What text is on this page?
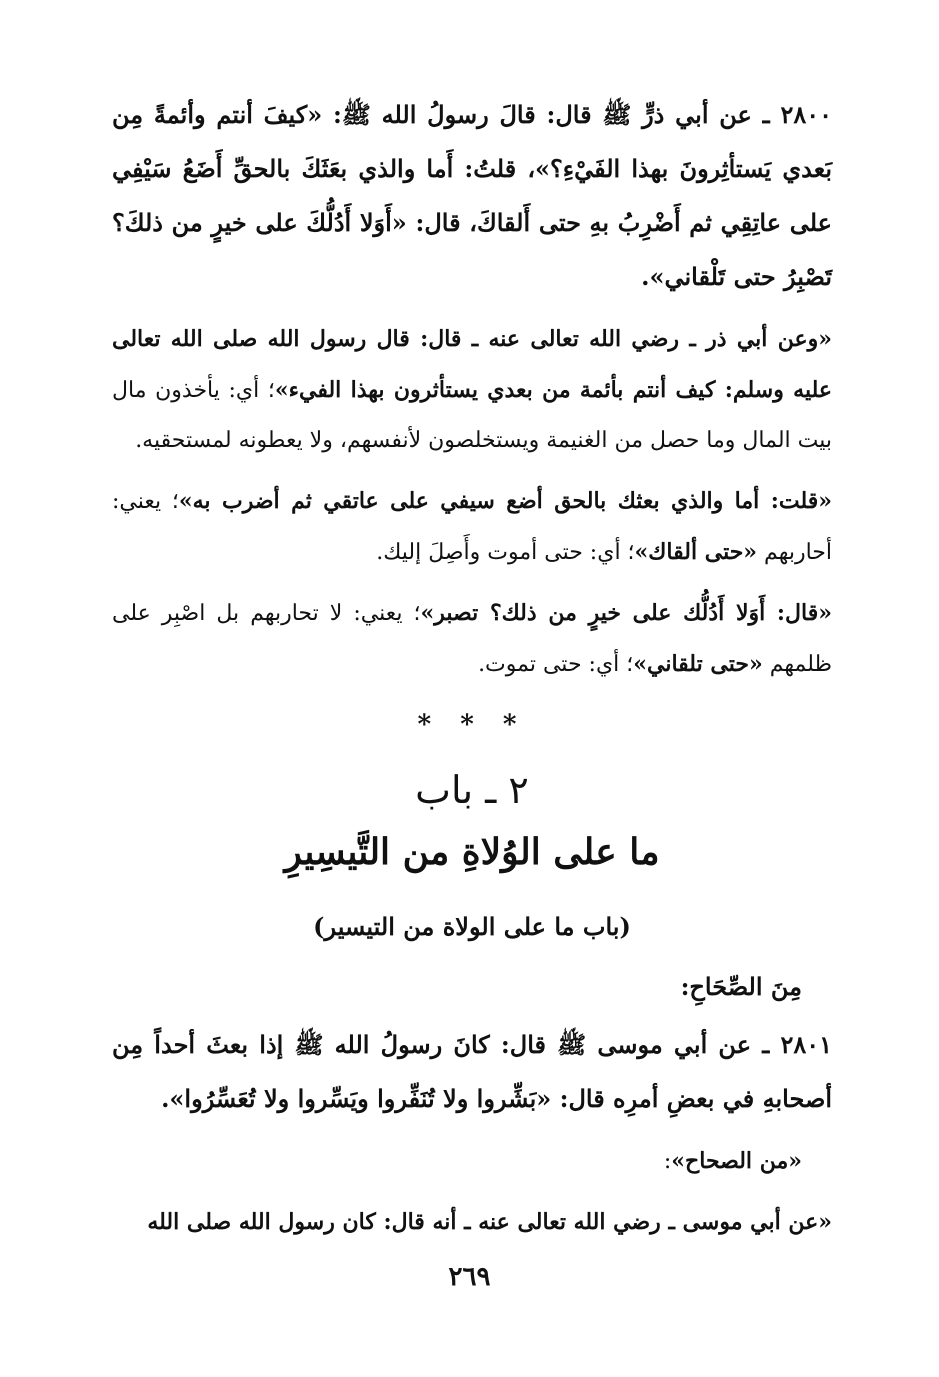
٢٨٠٠ ـ عن أبي ذرٍّ ﷺ قال: قالَ رسولُ الله ﷺ: «كيفَ أنتم وأئمةً مِن بَعدي يَستأثِرونَ بهذا الفَيْءِ؟»، قلتُ: أَما والذي بعَثَكَ بالحقِّ أَضَعُ سَيْفِي على عاتِقِي ثم أَضْرِبُ بهِ حتى أَلقاكَ، قال: «أَوَلا أَدُلُّكَ على خيرٍ من ذلكَ؟ تَصْبِرُ حتى تَلْقاني».

«وعن أبي ذر ـ رضي الله تعالى عنه ـ قال: قال رسول الله صلى الله تعالى عليه وسلم: كيف أنتم بأئمة من بعدي يستأثرون بهذا الفيء»؛ أي: يأخذون مال بيت المال وما حصل من الغنيمة ويستخلصون لأنفسهم، ولا يعطونه لمستحقيه.

«قلت: أما والذي بعثك بالحق أضع سيفي على عاتقي ثم أضرب به»؛ يعني: أحاربهم «حتى ألقاك»؛ أي: حتى أموت وأَصِلَ إليك.

«قال: أَوَلا أَدُلُّك على خيرٍ من ذلك؟ تصبر»؛ يعني: لا تحاربهم بل اصْبِر على ظلمهم «حتى تلقاني»؛ أي: حتى تموت.

* * *
٢ ـ باب
ما على الوُلاةِ من التَّيسِيرِ
(باب ما على الولاة من التيسير)
مِنَ الصِّحَاحِ:

٢٨٠١ ـ عن أبي موسى ﷺ قال: كانَ رسولُ الله ﷺ إذا بعثَ أحداً مِن أصحابهِ في بعضِ أمرِه قال: «بَشِّروا ولا تُنَفِّروا ويَسِّروا ولا تُعَسِّرُوا».

«من الصحاح»:

«عن أبي موسى ـ رضي الله تعالى عنه ـ أنه قال: كان رسول الله صلى الله

٢٦٩
